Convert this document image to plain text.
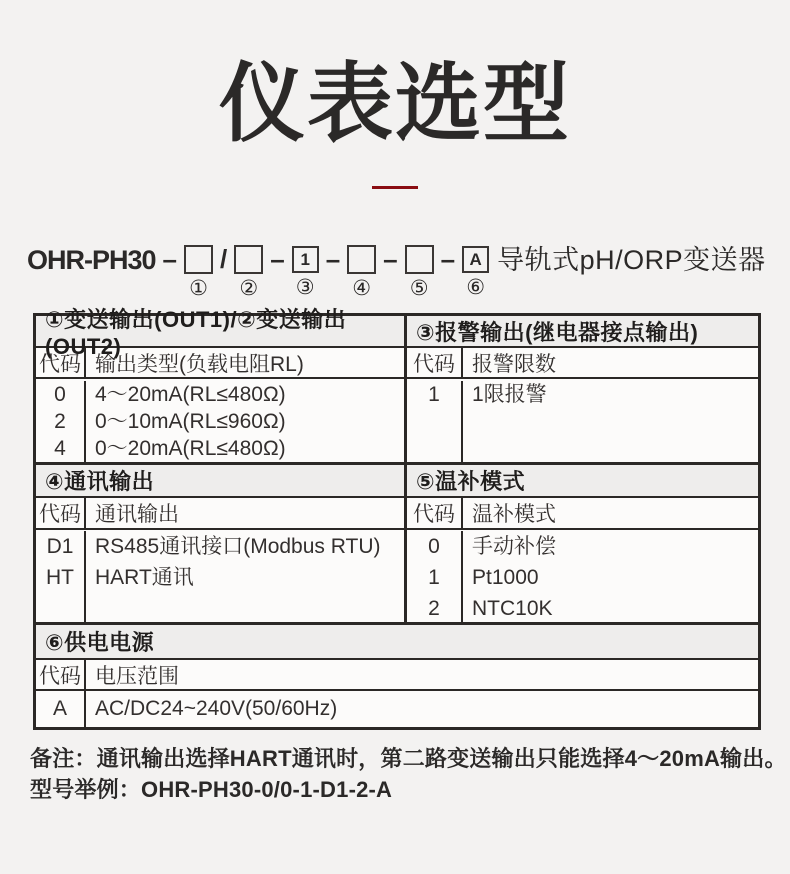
仪表选型
OHR-PH30 –
①
/
②
– 1
③
–
④
–
⑤
– A
⑥
导轨式pH/ORP变送器
①变送输出(OUT1)/②变送输出(OUT2)
代码 输出类型(负载电阻RL)
0
2
4
4～20mA(RL≤480Ω)
0～10mA(RL≤960Ω)
0～20mA(RL≤480Ω)
③报警输出(继电器接点输出)
代码 报警限数
1 1限报警
④通讯输出
代码 通讯输出
D1
HT
RS485通讯接口(Modbus RTU)
HART通讯
⑤温补模式
代码 温补模式
0
1
2
手动补偿
Pt1000
NTC10K
⑥供电电源
代码 电压范围
A AC/DC24~240V(50/60Hz)
备注：通讯输出选择HART通讯时，第二路变送输出只能选择4～20mA输出。
型号举例：OHR-PH30-0/0-1-D1-2-A
